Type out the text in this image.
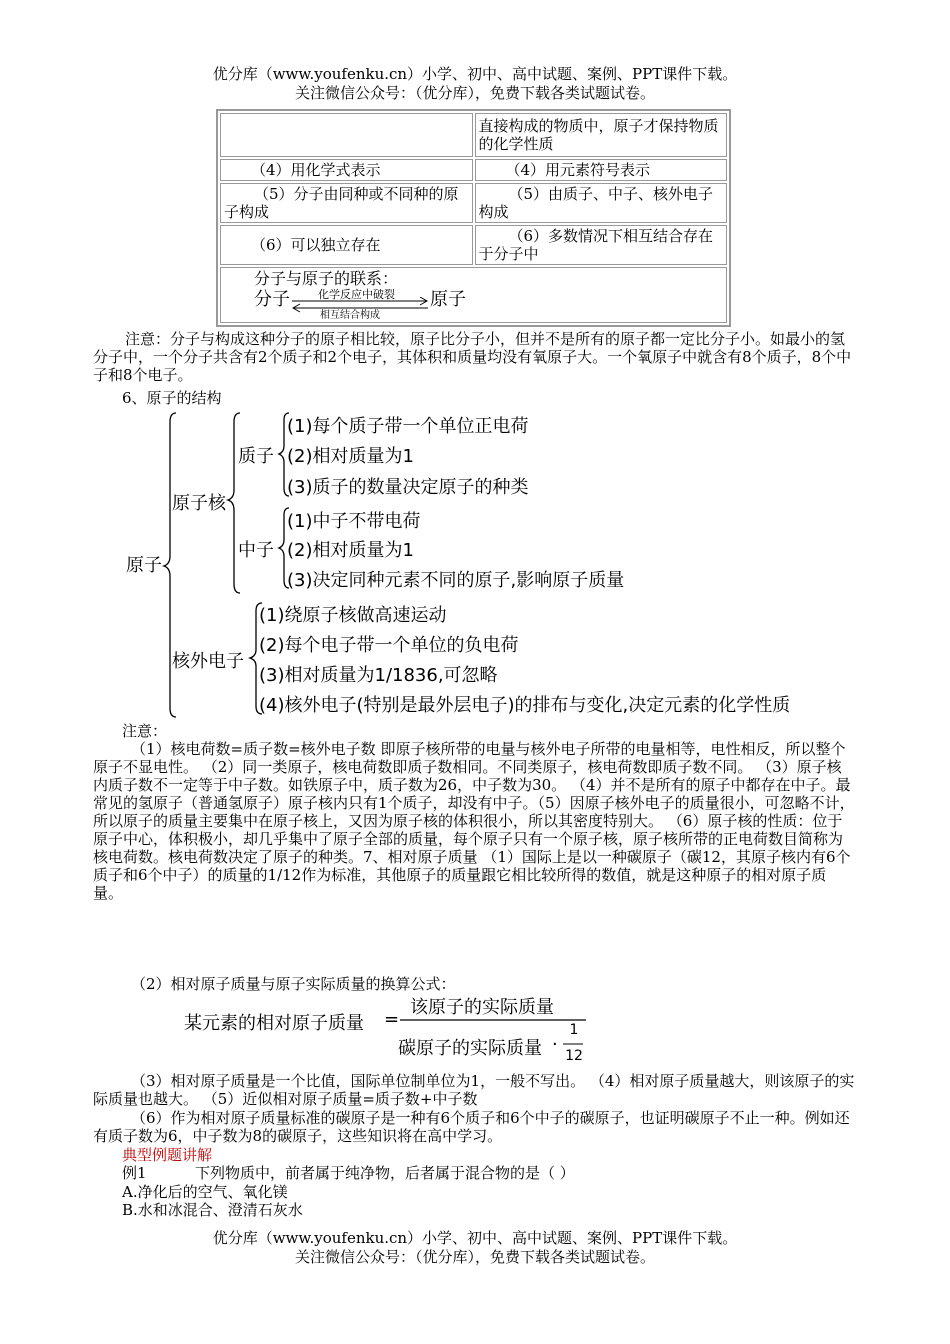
优分库（www.youfenku.cn）小学、初中、高中试题、案例、PPT课件下载。
关注微信公众号：（优分库），免费下载各类试题试卷。
	直接构成的物质中，原子才保持物质的化学性质
（4）用化学式表示	（4）用元素符号表示
（5）分子由同种或不同种的原子构成	（5）由质子、中子、核外电子构成
（6）可以独立存在	（6）多数情况下相互结合存在于分子中

分子与原子的联系：
分子 化学反应中破裂 原子
相互结合构成	
注意：分子与构成这种分子的原子相比较，原子比分子小，但并不是所有的原子都一定比分子小。如最小的氢分子中，一个分子共含有2个质子和2个电子，其体积和质量均没有氧原子大。一个氧原子中就含有8个质子，8个中子和8个电子。
6、原子的结构
原子
原子核
质子
中子
核外电子
(1)每个质子带一个单位正电荷
(2)相对质量为1
(3)质子的数量决定原子的种类
(1)中子不带电荷
(2)相对质量为1
(3)决定同种元素不同的原子,影响原子质量
(1)绕原子核做高速运动
(2)每个电子带一个单位的负电荷
(3)相对质量为1/1836,可忽略
(4)核外电子(特别是最外层电子)的排布与变化,决定元素的化学性质
注意：
（1）核电荷数=质子数=核外电子数 即原子核所带的电量与核外电子所带的电量相等，电性相反，所以整个原子不显电性。 （2）同一类原子，核电荷数即质子数相同。不同类原子，核电荷数即质子数不同。 （3）原子核内质子数不一定等于中子数。如铁原子中，质子数为26，中子数为30。 （4）并不是所有的原子中都存在中子。最常见的氢原子（普通氢原子）原子核内只有1个质子，却没有中子。（5）因原子核外电子的质量很小，可忽略不计，所以原子的质量主要集中在原子核上，又因为原子核的体积很小，所以其密度特别大。 （6）原子核的性质：位于原子中心，体积极小，却几乎集中了原子全部的质量，每个原子只有一个原子核，原子核所带的正电荷数目简称为核电荷数。核电荷数决定了原子的种类。7、相对原子质量 （1）国际上是以一种碳原子（碳12，其原子核内有6个质子和6个中子）的质量的1/12作为标准，其他原子的质量跟它相比较所得的数值，就是这种原子的相对原子质量。
（2）相对原子质量与原子实际质量的换算公式：
某元素的相对原子质量 =
该原子的实际质量
碳原子的实际质量 ·
1
12
（3）相对原子质量是一个比值，国际单位制单位为1，一般不写出。 （4）相对原子质量越大，则该原子的实际质量也越大。 （5）近似相对原子质量=质子数+中子数
（6）作为相对原子质量标准的碳原子是一种有6个质子和6个中子的碳原子，也证明碳原子不止一种。例如还有质子数为6，中子数为8的碳原子，这些知识将在高中学习。
典型例题讲解
例1	下列物质中，前者属于纯净物，后者属于混合物的是（ ）
A.净化后的空气、氧化镁
B.水和冰混合、澄清石灰水
优分库（www.youfenku.cn）小学、初中、高中试题、案例、PPT课件下载。
关注微信公众号：（优分库），免费下载各类试题试卷。
